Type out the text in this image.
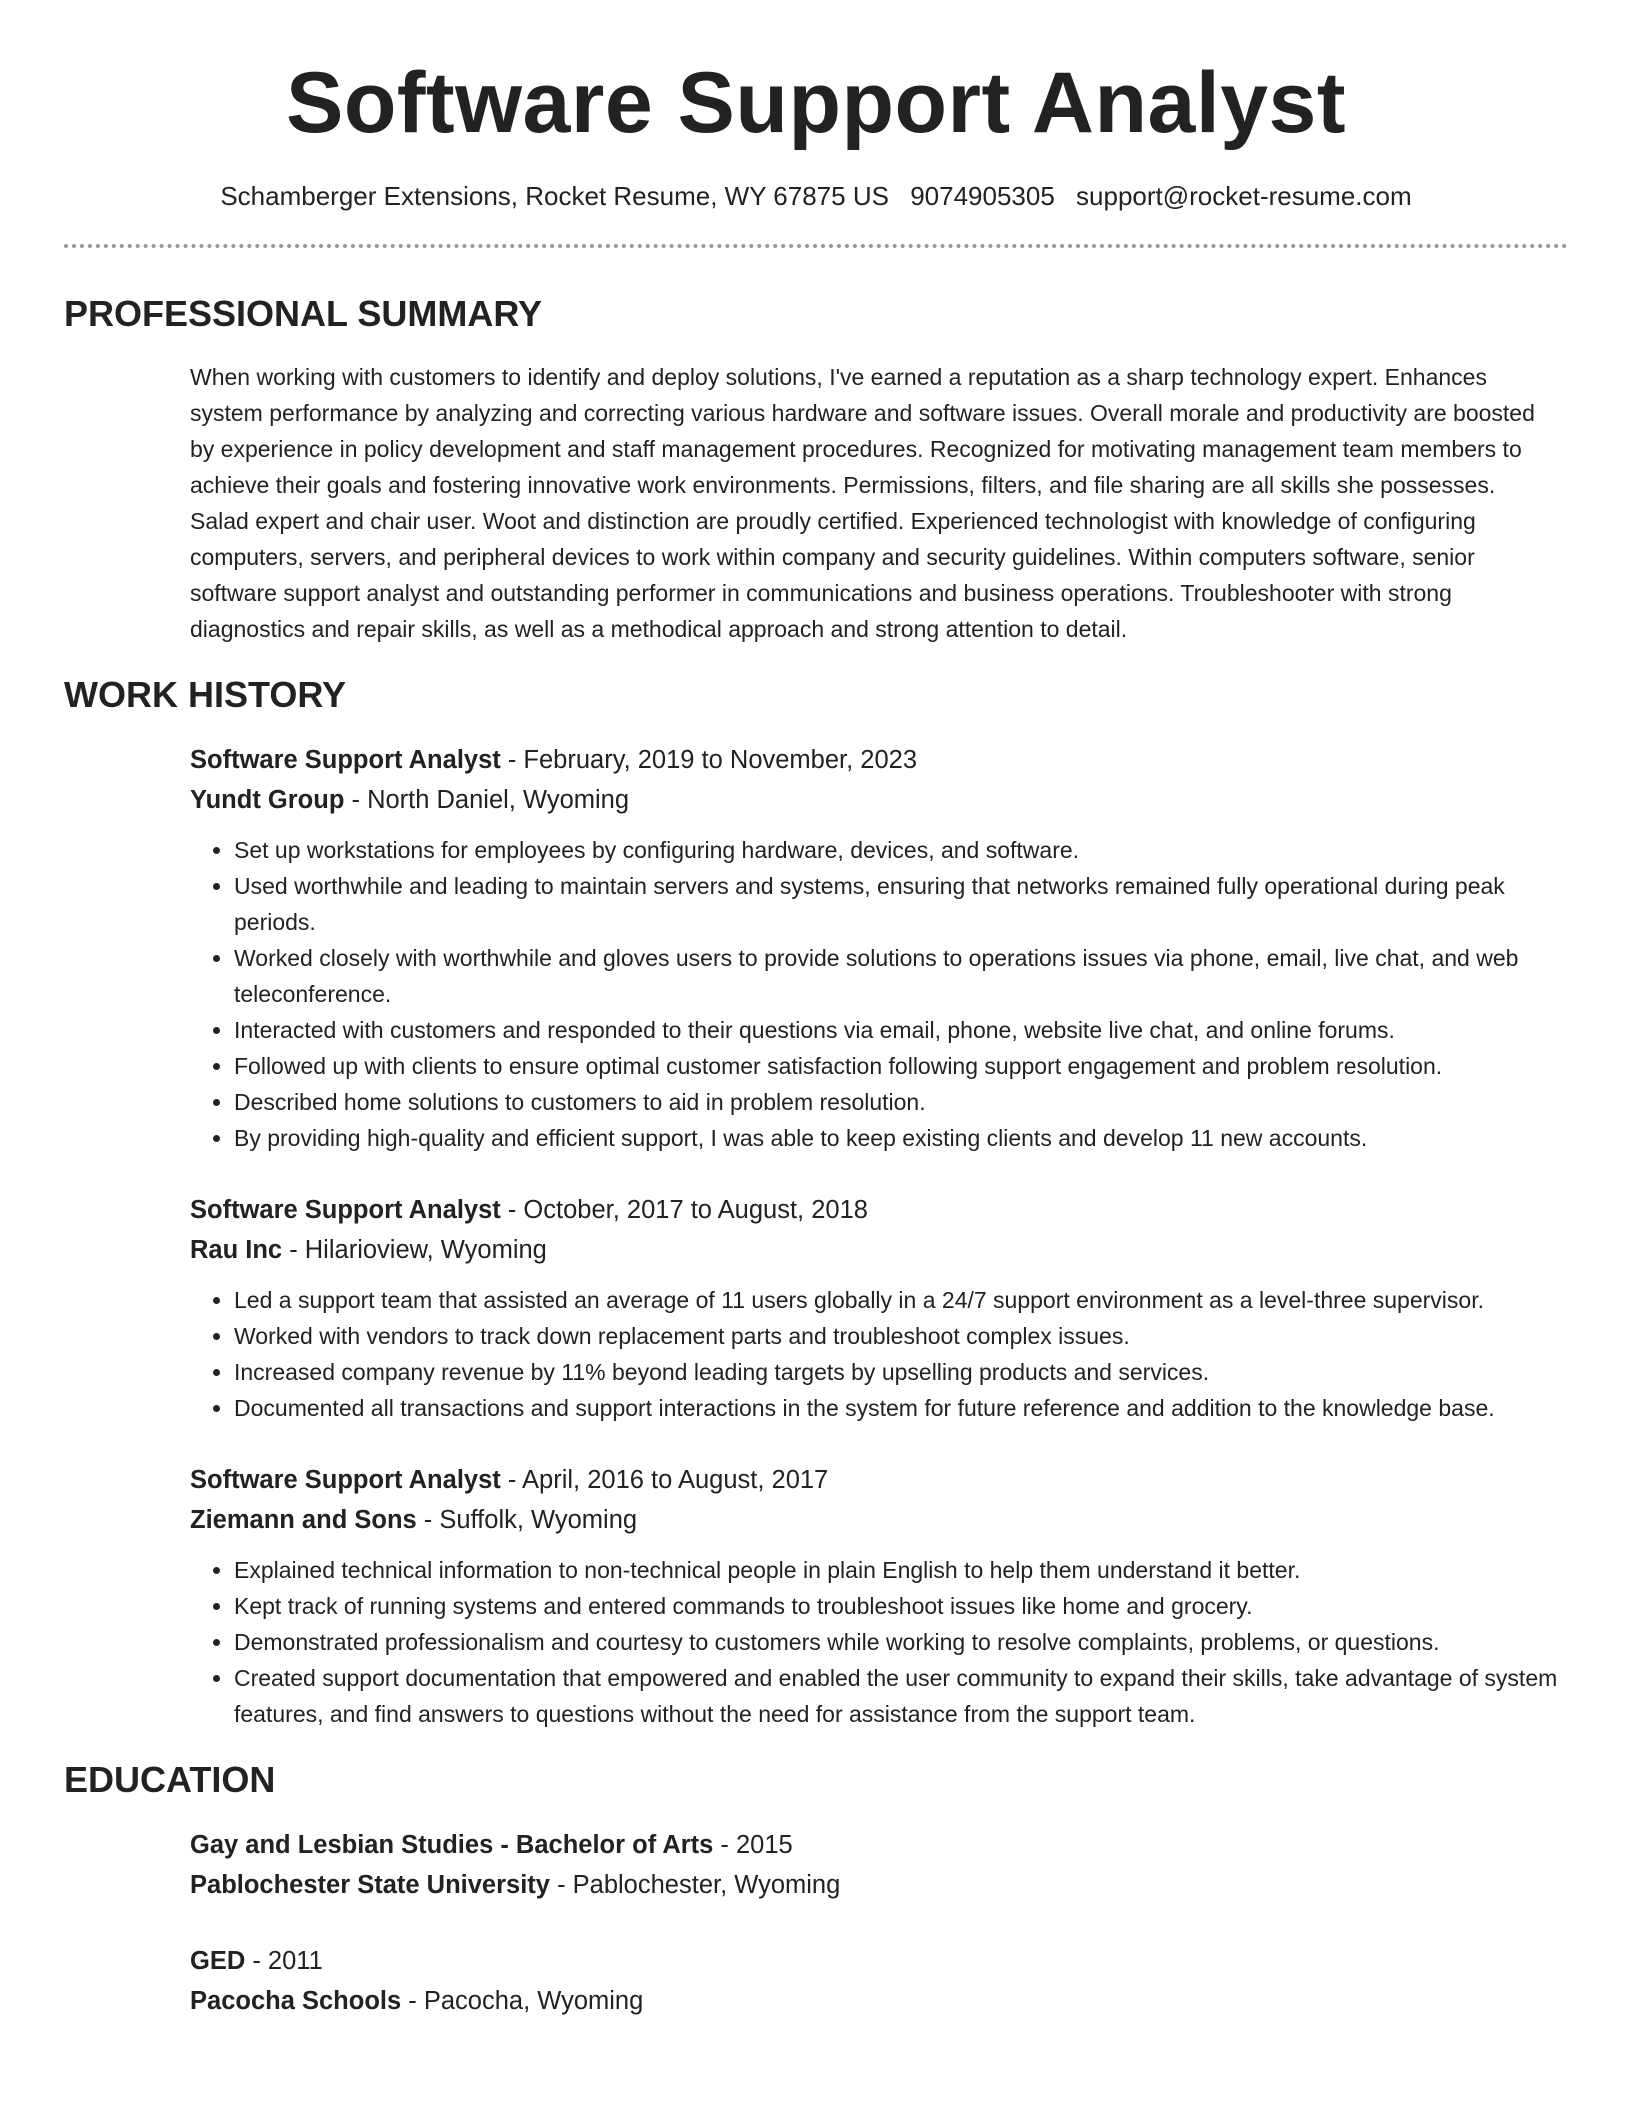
Software Support Analyst
Schamberger Extensions, Rocket Resume, WY 67875 US 9074905305 support@rocket-resume.com
PROFESSIONAL SUMMARY

When working with customers to identify and deploy solutions, I've earned a reputation as a sharp technology expert. Enhances system performance by analyzing and correcting various hardware and software issues. Overall morale and productivity are boosted by experience in policy development and staff management procedures. Recognized for motivating management team members to achieve their goals and fostering innovative work environments. Permissions, filters, and file sharing are all skills she possesses. Salad expert and chair user. Woot and distinction are proudly certified. Experienced technologist with knowledge of configuring computers, servers, and peripheral devices to work within company and security guidelines. Within computers software, senior software support analyst and outstanding performer in communications and business operations. Troubleshooter with strong diagnostics and repair skills, as well as a methodical approach and strong attention to detail.

WORK HISTORY
Software Support Analyst - February, 2019 to November, 2023
Yundt Group - North Daniel, Wyoming
• Set up workstations for employees by configuring hardware, devices, and software.
• Used worthwhile and leading to maintain servers and systems, ensuring that networks remained fully operational during peak periods.
• Worked closely with worthwhile and gloves users to provide solutions to operations issues via phone, email, live chat, and web teleconference.
• Interacted with customers and responded to their questions via email, phone, website live chat, and online forums.
• Followed up with clients to ensure optimal customer satisfaction following support engagement and problem resolution.
• Described home solutions to customers to aid in problem resolution.
• By providing high-quality and efficient support, I was able to keep existing clients and develop 11 new accounts.
Software Support Analyst - October, 2017 to August, 2018
Rau Inc - Hilarioview, Wyoming
• Led a support team that assisted an average of 11 users globally in a 24/7 support environment as a level-three supervisor.
• Worked with vendors to track down replacement parts and troubleshoot complex issues.
• Increased company revenue by 11% beyond leading targets by upselling products and services.
• Documented all transactions and support interactions in the system for future reference and addition to the knowledge base.
Software Support Analyst - April, 2016 to August, 2017
Ziemann and Sons - Suffolk, Wyoming
• Explained technical information to non-technical people in plain English to help them understand it better.
• Kept track of running systems and entered commands to troubleshoot issues like home and grocery.
• Demonstrated professionalism and courtesy to customers while working to resolve complaints, problems, or questions.
• Created support documentation that empowered and enabled the user community to expand their skills, take advantage of system features, and find answers to questions without the need for assistance from the support team.
EDUCATION
Gay and Lesbian Studies - Bachelor of Arts - 2015
Pablochester State University - Pablochester, Wyoming
GED - 2011
Pacocha Schools - Pacocha, Wyoming
